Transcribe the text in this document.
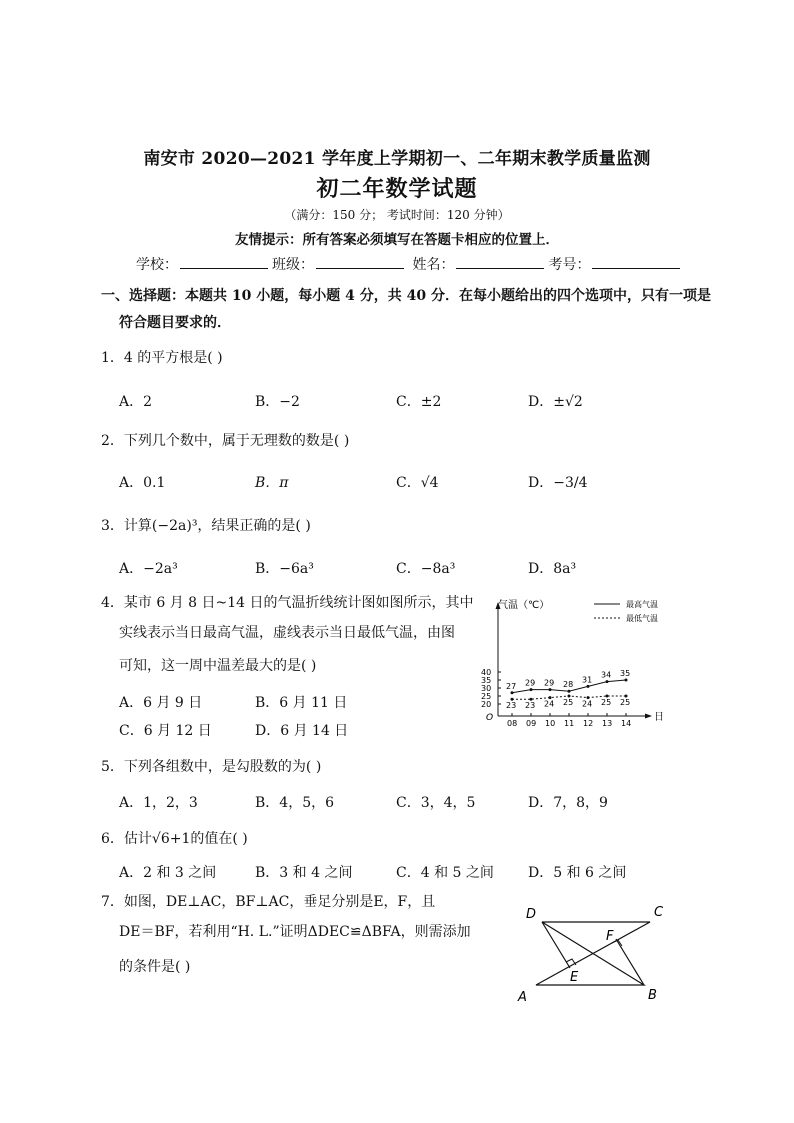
南安市 2020—2021 学年度上学期初一、二年期末教学质量监测
初二年数学试题
（满分：150 分； 考试时间：120 分钟）
友情提示：所有答案必须填写在答题卡相应的位置上．
学校：	班级：	姓名：	考号：
一、选择题：本题共 10 小题，每小题 4 分，共 40 分．在每小题给出的四个选项中，只有一项是
符合题目要求的．
1．4 的平方根是( )
A．2	B．−2	C．±2	D．±√2
2．下列几个数中，属于无理数的数是( )
A．0.1	B．π	C．√4	D．−3/4
3．计算(−2a)³，结果正确的是( )
A．−2a³	B．−6a³	C．−8a³	D．8a³
4．某市 6 月 8 日~14 日的气温折线统计图如图所示，其中
实线表示当日最高气温，虚线表示当日最低气温，由图
可知，这一周中温差最大的是( )
A．6 月 9 日	B．6 月 11 日
C．6 月 12 日	D．6 月 14 日
气温（℃）
日
O
最高气温
最低气温
20
25
30
35
40
08 09 10 11 12 13 14
27 29 29 28
31
34 35
23 23 24 25 24 25 25
5．下列各组数中，是勾股数的为( )
A．1，2，3	B．4，5，6	C．3，4，5	D．7，8，9
6．估计√6+1的值在( )
A．2 和 3 之间	B．3 和 4 之间	C．4 和 5 之间 D．5 和 6 之间
7．如图，DE⊥AC，BF⊥AC，垂足分别是E，F，且
DE＝BF，若利用“H. L.”证明ΔDEC≌ΔBFA，则需添加
的条件是( )
D	C
A	B
E
F
